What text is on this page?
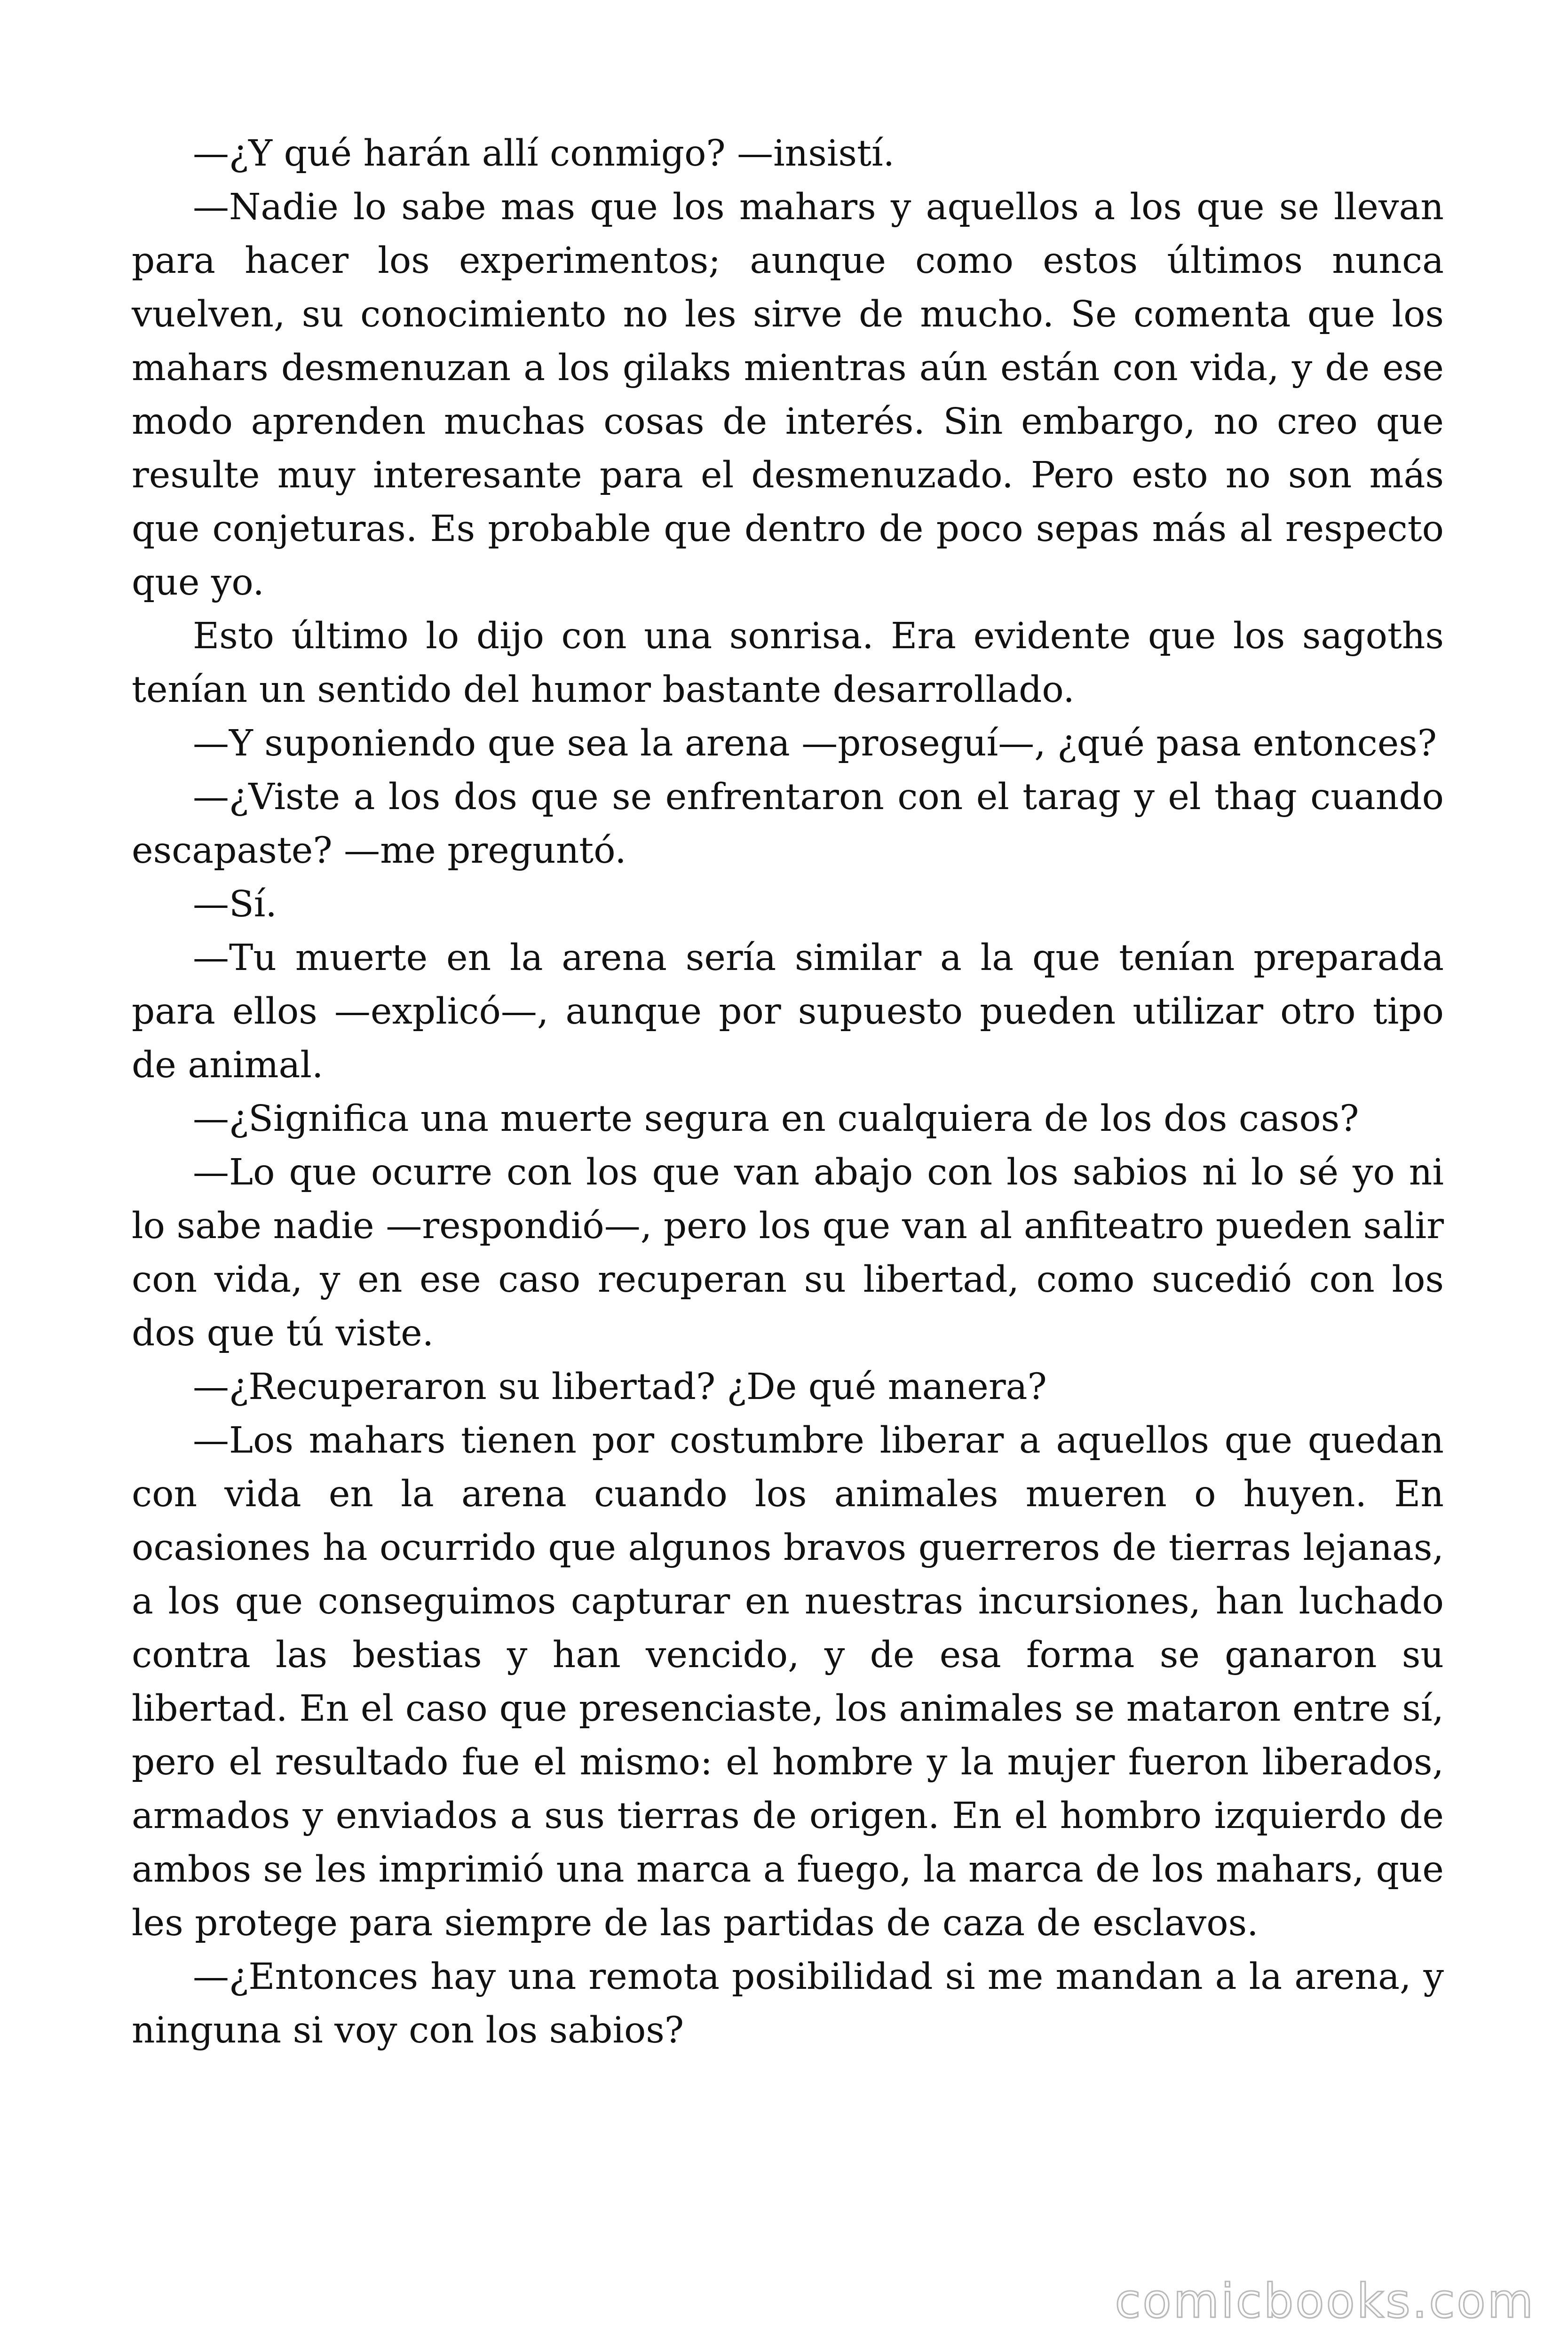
—¿Y qué harán allí conmigo? —insistí.

—Nadie lo sabe mas que los mahars y aquellos a los que se llevan para hacer los experimentos; aunque como estos últimos nunca vuelven, su conocimiento no les sirve de mucho. Se comenta que los mahars desmenuzan a los gilaks mientras aún están con vida, y de ese modo aprenden muchas cosas de interés. Sin embargo, no creo que resulte muy interesante para el desmenuzado. Pero esto no son más que conjeturas. Es probable que dentro de poco sepas más al respecto que yo.

Esto último lo dijo con una sonrisa. Era evidente que los sagoths tenían un sentido del humor bastante desarrollado.

—Y suponiendo que sea la arena —proseguí—, ¿qué pasa entonces?

—¿Viste a los dos que se enfrentaron con el tarag y el thag cuando escapaste? —me preguntó.

—Sí.

—Tu muerte en la arena sería similar a la que tenían preparada para ellos —explicó—, aunque por supuesto pueden utilizar otro tipo de animal.

—¿Significa una muerte segura en cualquiera de los dos casos?

—Lo que ocurre con los que van abajo con los sabios ni lo sé yo ni lo sabe nadie —respondió—, pero los que van al anfiteatro pueden salir con vida, y en ese caso recuperan su libertad, como sucedió con los dos que tú viste.

—¿Recuperaron su libertad? ¿De qué manera?

—Los mahars tienen por costumbre liberar a aquellos que quedan con vida en la arena cuando los animales mueren o huyen. En ocasiones ha ocurrido que algunos bravos guerreros de tierras lejanas, a los que conseguimos capturar en nuestras incursiones, han luchado contra las bestias y han vencido, y de esa forma se ganaron su libertad. En el caso que presenciaste, los animales se mataron entre sí, pero el resultado fue el mismo: el hombre y la mujer fueron liberados, armados y enviados a sus tierras de origen. En el hombro izquierdo de ambos se les imprimió una marca a fuego, la marca de los mahars, que les protege para siempre de las partidas de caza de esclavos.

—¿Entonces hay una remota posibilidad si me mandan a la arena, y ninguna si voy con los sabios?

comicbooks.com
